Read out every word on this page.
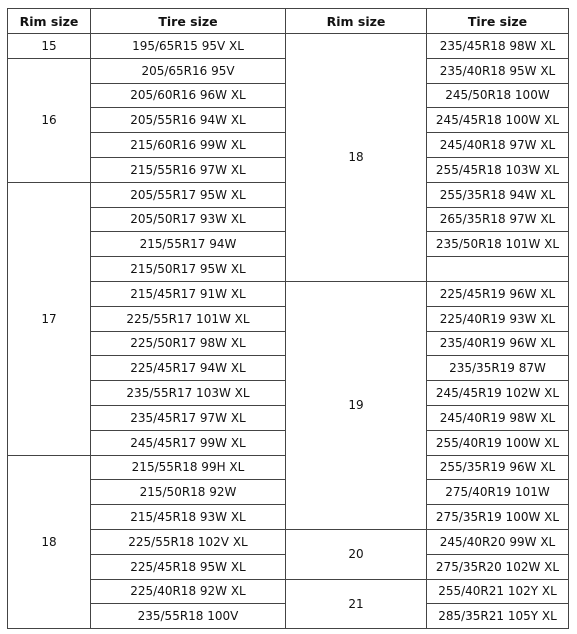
Rim size	Tire size	Rim size	Tire size
15	195/65R15 95V XL	18	235/45R18 98W XL
16	205/65R16 95V		235/40R18 95W XL
	205/60R16 96W XL		245/50R18 100W
	205/55R16 94W XL		245/45R18 100W XL
	215/60R16 99W XL		245/40R18 97W XL
	215/55R16 97W XL		255/45R18 103W XL
17	205/55R17 95W XL		255/35R18 94W XL
	205/50R17 93W XL		265/35R18 97W XL
	215/55R17 94W		235/50R18 101W XL
	215/50R17 95W XL		
	215/45R17 91W XL	19	225/45R19 96W XL
	225/55R17 101W XL		225/40R19 93W XL
	225/50R17 98W XL		235/40R19 96W XL
	225/45R17 94W XL		235/35R19 87W
	235/55R17 103W XL		245/45R19 102W XL
	235/45R17 97W XL		245/40R19 98W XL
	245/45R17 99W XL		255/40R19 100W XL
18	215/55R18 99H XL		255/35R19 96W XL
	215/50R18 92W		275/40R19 101W
	215/45R18 93W XL		275/35R19 100W XL
	225/55R18 102V XL	20	245/40R20 99W XL
	225/45R18 95W XL		275/35R20 102W XL
	225/40R18 92W XL	21	255/40R21 102Y XL
	235/55R18 100V		285/35R21 105Y XL
